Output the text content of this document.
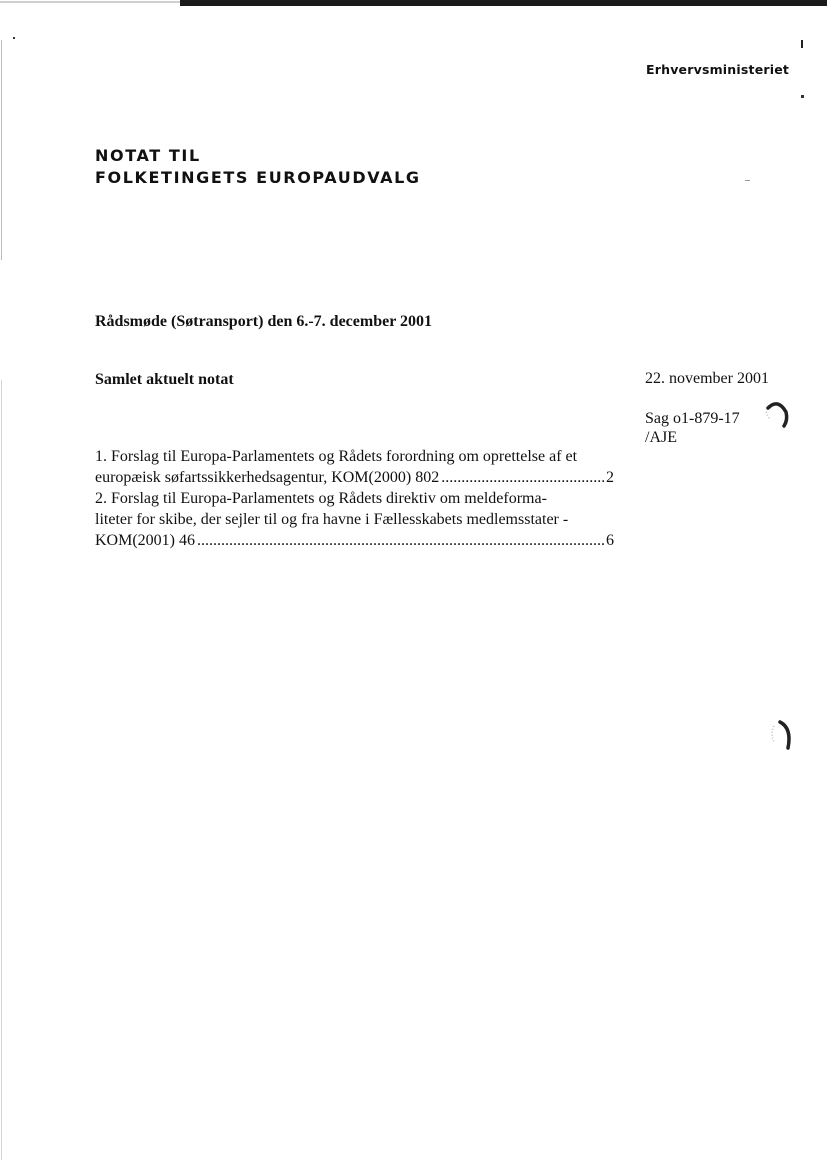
Erhvervsministeriet
NOTAT TIL
FOLKETINGETS EUROPAUDVALG
Rådsmøde (Søtransport) den 6.-7. december 2001
Samlet aktuelt notat	22. november 2001
Sag o1-879-17
/AJE
1. Forslag til Europa-Parlamentets og Rådets forordning om oprettelse af et
europæisk søfartssikkerhedsagentur, KOM(2000) 802 . . .	2
2. Forslag til Europa-Parlamentets og Rådets direktiv om meldeforma-
liteter for skibe, der sejler til og fra havne i Fællesskabets medlemsstater -
KOM(2001) 46 . . .	6
